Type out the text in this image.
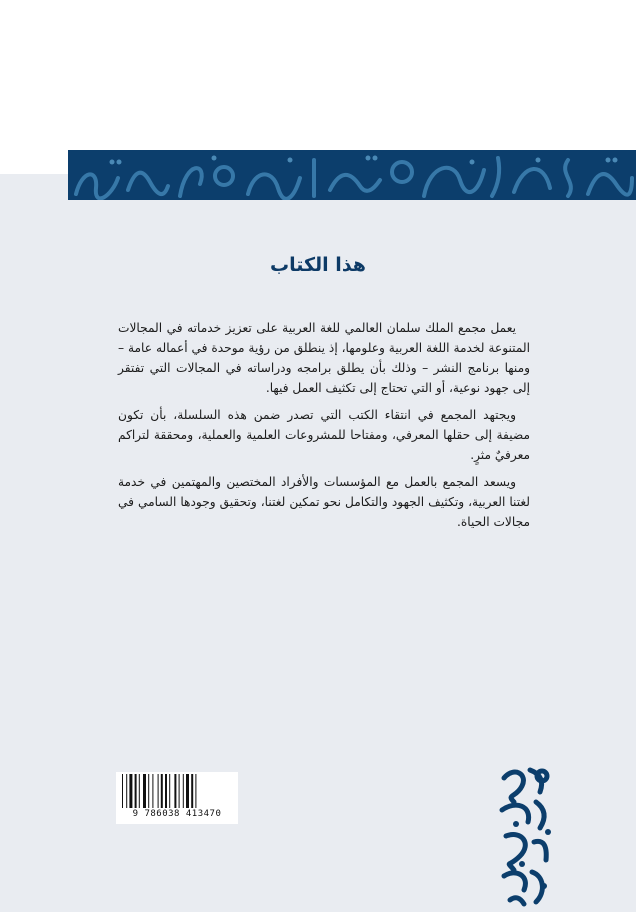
هذا الكتاب

يعمل مجمع الملك سلمان العالمي للغة العربية على تعزيز خدماته في المجالات المتنوعة لخدمة اللغة العربية وعلومها، إذ ينطلق من رؤية موحدة في أعماله عامة – ومنها برنامج النشر – وذلك بأن يطلق برامجه ودراساته في المجالات التي تفتقر إلى جهود نوعية، أو التي تحتاج إلى تكثيف العمل فيها.

ويجتهد المجمع في انتقاء الكتب التي تصدر ضمن هذه السلسلة، بأن تكون مضيفة إلى حقلها المعرفي، ومفتاحا للمشروعات العلمية والعملية، ومحققة لتراكم معرفيٌ مثرٍ.

ويسعد المجمع بالعمل مع المؤسسات والأفراد المختصين والمهتمين في خدمة لغتنا العربية، وتكثيف الجهود والتكامل نحو تمكين لغتنا، وتحقيق وجودها السامي في مجالات الحياة.

9 786038 413470
